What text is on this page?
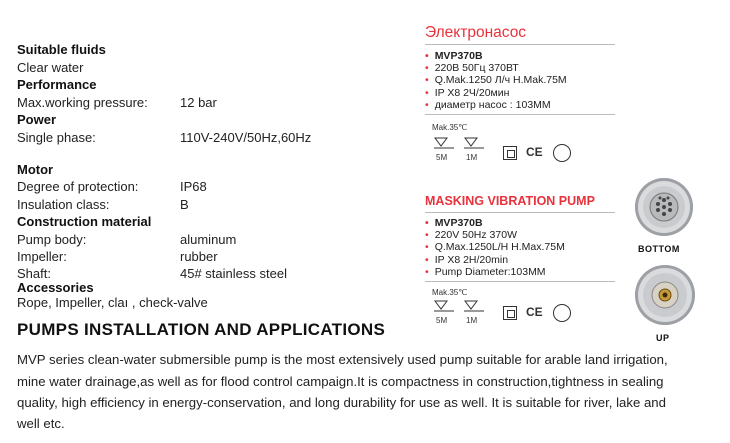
Suitable fluids
Clear water
Performance
Max.working pressure: 12 bar
Power
Single phase:	110V-240V/50Hz,60Hz
Motor
Degree of protection:	IP68
Insulation class:	B
Construction material
Pump body:	aluminum
Impeller:	rubber
Shaft:	45# stainless steel
Accessories
Rope, Impeller, claı , check-valve
PUMPS INSTALLATION AND APPLICATIONS
MVP series clean-water submersible pump is the most extensively used pump suitable for arable land irrigation,
mine water drainage,as well as for flood control campaign.It is compactness in construction,tightness in sealing
quality, high efficiency in energy-conservation, and long durability for use as well. It is suitable for river, lake and
well etc.
Электронасос
• MVP370B
• 220В 50Гц 370ВТ
• Q.Mak.1250 Л/ч H.Mak.75M
• IP X8 2Ч/20мин
• диаметр насос : 103MM
Mak.35℃
5M 1M	CE
MASKING VIBRATION PUMP
• MVP370B
• 220V 50Hz 370W
• Q.Max.1250L/H H.Max.75M
• IP X8 2H/20min
• Pump Diameter:103MM
Mak.35℃
5M 1M
CE
BOTTOM
UP
